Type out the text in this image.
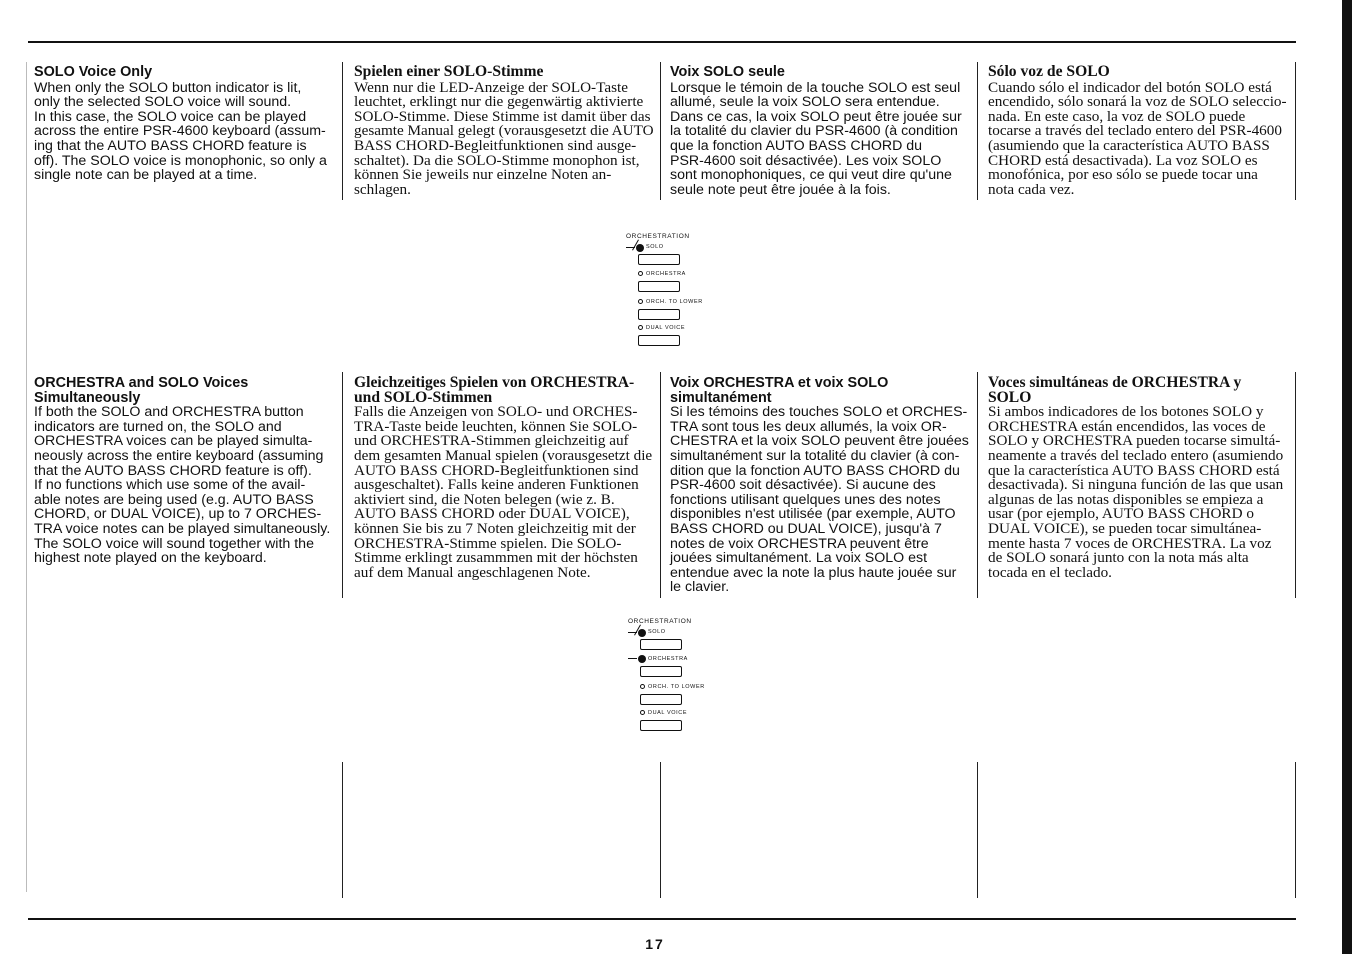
SOLO Voice Only
When only the SOLO button indicator is lit,
only the selected SOLO voice will sound.
In this case, the SOLO voice can be played
across the entire PSR-4600 keyboard (assum-
ing that the AUTO BASS CHORD feature is
off). The SOLO voice is monophonic, so only a
single note can be played at a time.
Spielen einer SOLO-Stimme
Wenn nur die LED-Anzeige der SOLO-Taste
leuchtet, erklingt nur die gegenwärtig aktivierte
SOLO-Stimme. Diese Stimme ist damit über das
gesamte Manual gelegt (vorausgesetzt die AUTO
BASS CHORD-Begleitfunktionen sind ausge-
schaltet). Da die SOLO-Stimme monophon ist,
können Sie jeweils nur einzelne Noten an-
schlagen.
Voix SOLO seule
Lorsque le témoin de la touche SOLO est seul
allumé, seule la voix SOLO sera entendue.
Dans ce cas, la voix SOLO peut être jouée sur
la totalité du clavier du PSR-4600 (à condition
que la fonction AUTO BASS CHORD du
PSR-4600 soit désactivée). Les voix SOLO
sont monophoniques, ce qui veut dire qu'une
seule note peut être jouée à la fois.
Sólo voz de SOLO
Cuando sólo el indicador del botón SOLO está
encendido, sólo sonará la voz de SOLO seleccio-
nada. En este caso, la voz de SOLO puede
tocarse a través del teclado entero del PSR-4600
(asumiendo que la característica AUTO BASS
CHORD está desactivada). La voz SOLO es
monofónica, por eso sólo se puede tocar una
nota cada vez.
ORCHESTRATION
SOLO
ORCHESTRA
ORCH. TO LOWER
DUAL VOICE
ORCHESTRA and SOLO Voices
Simultaneously
If both the SOLO and ORCHESTRA button
indicators are turned on, the SOLO and
ORCHESTRA voices can be played simulta-
neously across the entire keyboard (assuming
that the AUTO BASS CHORD feature is off).
If no functions which use some of the avail-
able notes are being used (e.g. AUTO BASS
CHORD, or DUAL VOICE), up to 7 ORCHES-
TRA voice notes can be played simultaneously.
The SOLO voice will sound together with the
highest note played on the keyboard.
Gleichzeitiges Spielen von ORCHESTRA-
und SOLO-Stimmen
Falls die Anzeigen von SOLO- und ORCHES-
TRA-Taste beide leuchten, können Sie SOLO-
und ORCHESTRA-Stimmen gleichzeitig auf
dem gesamten Manual spielen (vorausgesetzt die
AUTO BASS CHORD-Begleitfunktionen sind
ausgeschaltet). Falls keine anderen Funktionen
aktiviert sind, die Noten belegen (wie z. B.
AUTO BASS CHORD oder DUAL VOICE),
können Sie bis zu 7 Noten gleichzeitig mit der
ORCHESTRA-Stimme spielen. Die SOLO-
Stimme erklingt zusammmen mit der höchsten
auf dem Manual angeschlagenen Note.
Voix ORCHESTRA et voix SOLO
simultanément
Si les témoins des touches SOLO et ORCHES-
TRA sont tous les deux allumés, la voix OR-
CHESTRA et la voix SOLO peuvent être jouées
simultanément sur la totalité du clavier (à con-
dition que la fonction AUTO BASS CHORD du
PSR-4600 soit désactivée). Si aucune des
fonctions utilisant quelques unes des notes
disponibles n'est utilisée (par exemple, AUTO
BASS CHORD ou DUAL VOICE), jusqu'à 7
notes de voix ORCHESTRA peuvent être
jouées simultanément. La voix SOLO est
entendue avec la note la plus haute jouée sur
le clavier.
Voces simultáneas de ORCHESTRA y
SOLO
Si ambos indicadores de los botones SOLO y
ORCHESTRA están encendidos, las voces de
SOLO y ORCHESTRA pueden tocarse simultá-
neamente a través del teclado entero (asumiendo
que la característica AUTO BASS CHORD está
desactivada). Si ninguna función de las que usan
algunas de las notas disponibles se empieza a
usar (por ejemplo, AUTO BASS CHORD o
DUAL VOICE), se pueden tocar simultánea-
mente hasta 7 voces de ORCHESTRA. La voz
de SOLO sonará junto con la nota más alta
tocada en el teclado.
ORCHESTRATION
SOLO
ORCHESTRA
ORCH. TO LOWER
DUAL VOICE
17
